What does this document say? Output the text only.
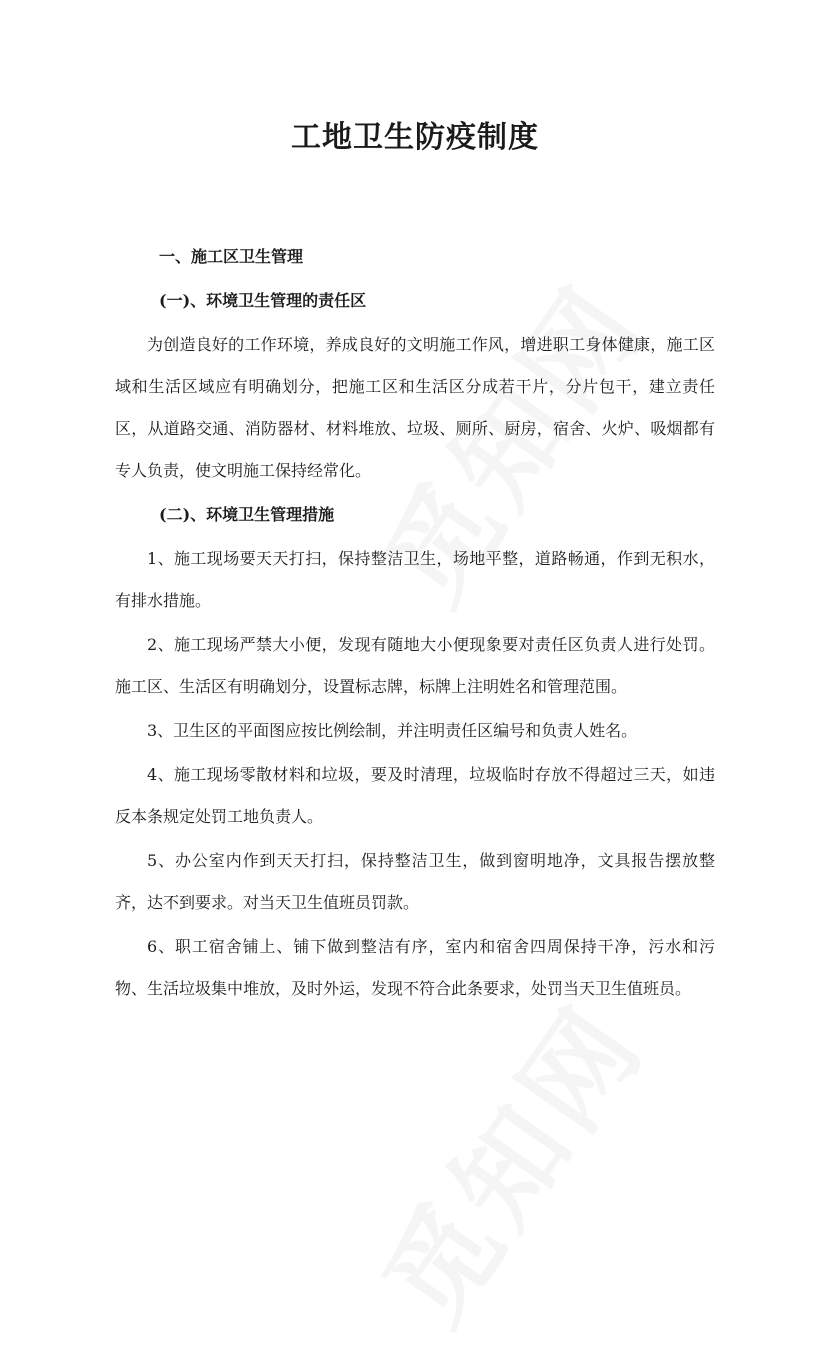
工地卫生防疫制度

一、施工区卫生管理

(一)、环境卫生管理的责任区

为创造良好的工作环境，养成良好的文明施工作风，增进职工身体健康，施工区域和生活区域应有明确划分，把施工区和生活区分成若干片，分片包干，建立责任区，从道路交通、消防器材、材料堆放、垃圾、厕所、厨房，宿舍、火炉、吸烟都有专人负责，使文明施工保持经常化。

(二)、环境卫生管理措施

1、施工现场要天天打扫，保持整洁卫生，场地平整，道路畅通，作到无积水，有排水措施。

2、施工现场严禁大小便，发现有随地大小便现象要对责任区负责人进行处罚。施工区、生活区有明确划分，设置标志牌，标牌上注明姓名和管理范围。

3、卫生区的平面图应按比例绘制，并注明责任区编号和负责人姓名。

4、施工现场零散材料和垃圾，要及时清理，垃圾临时存放不得超过三天，如违反本条规定处罚工地负责人。

5、办公室内作到天天打扫，保持整洁卫生，做到窗明地净，文具报告摆放整齐，达不到要求。对当天卫生值班员罚款。

6、职工宿舍铺上、铺下做到整洁有序，室内和宿舍四周保持干净，污水和污物、生活垃圾集中堆放，及时外运，发现不符合此条要求，处罚当天卫生值班员。
